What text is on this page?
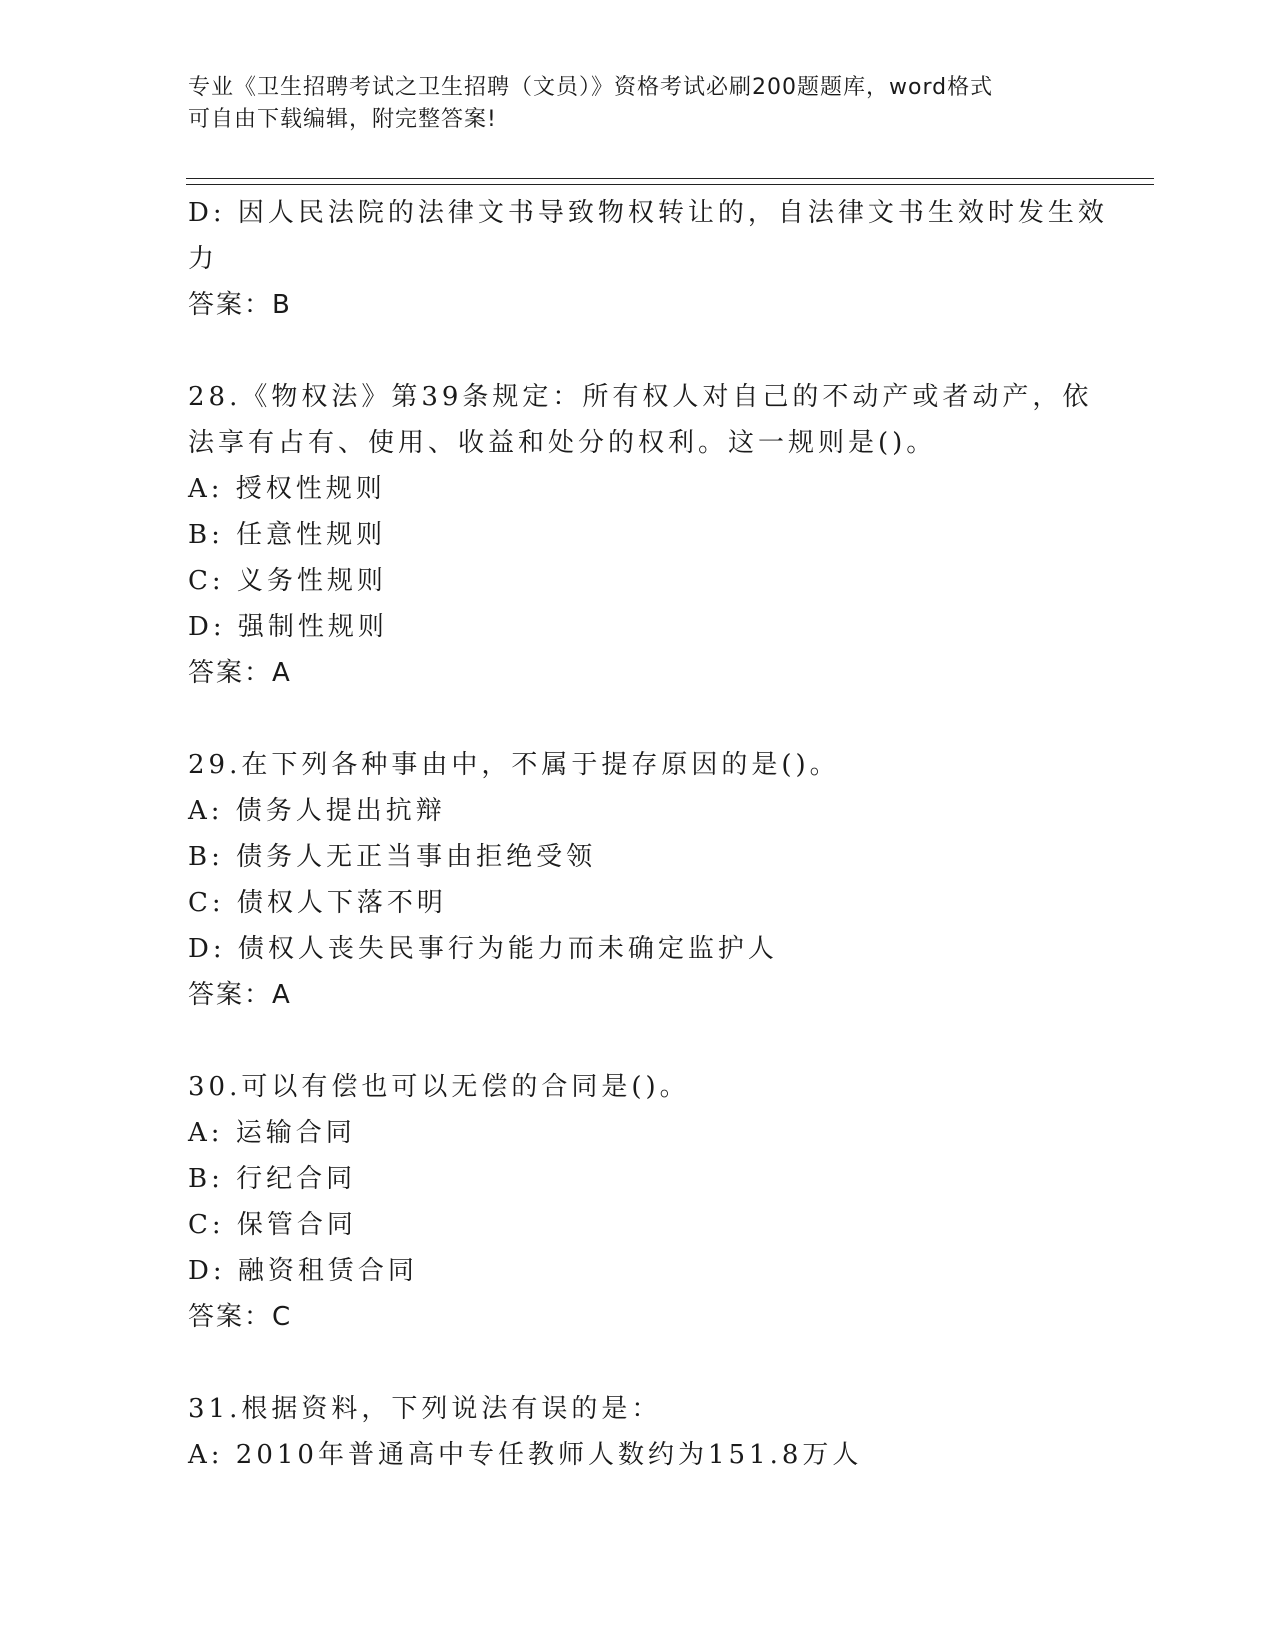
专业《卫生招聘考试之卫生招聘（文员）》资格考试必刷200题题库，word格式
可自由下载编辑，附完整答案!
D: 因人民法院的法律文书导致物权转让的，自法律文书生效时发生效
力
答案：B
28.《物权法》第39条规定：所有权人对自己的不动产或者动产，依
法享有占有、使用、收益和处分的权利。这一规则是()。
A: 授权性规则
B: 任意性规则
C: 义务性规则
D: 强制性规则
答案：A
29.在下列各种事由中，不属于提存原因的是()。
A: 债务人提出抗辩
B: 债务人无正当事由拒绝受领
C: 债权人下落不明
D: 债权人丧失民事行为能力而未确定监护人
答案：A
30.可以有偿也可以无偿的合同是()。
A: 运输合同
B: 行纪合同
C: 保管合同
D: 融资租赁合同
答案：C
31.根据资料，下列说法有误的是：
A: 2010年普通高中专任教师人数约为151.8万人
